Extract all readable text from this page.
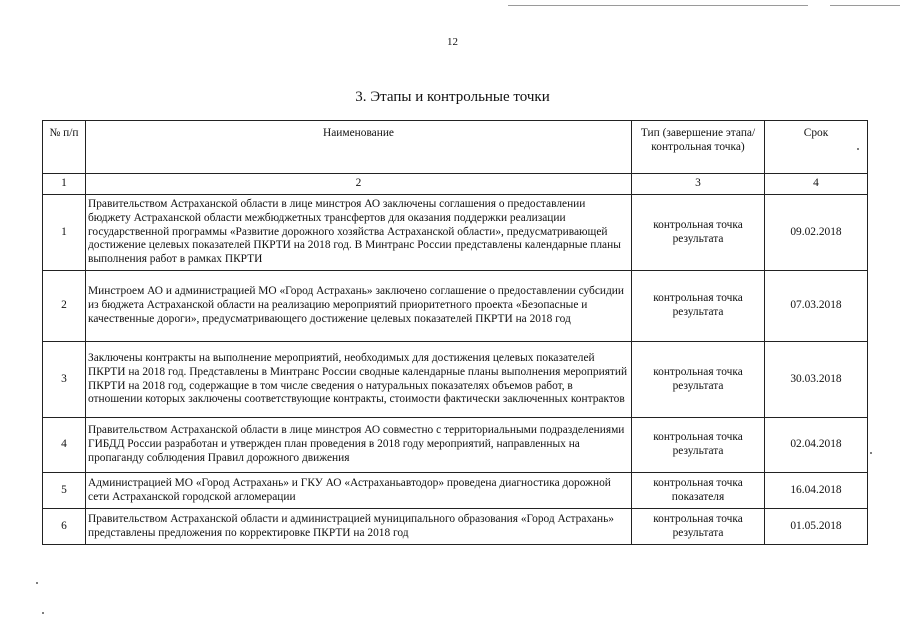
12
3. Этапы и контрольные точки
№ п/п	Наименование	Тип (завершение этапа/ контрольная точка)	Срок
1	2	3	4
1	Правительством Астраханской области в лице минстроя АО заключены соглашения о предоставлении бюджету Астраханской области межбюджетных трансфертов для оказания поддержки реализации государственной программы «Развитие дорожного хозяйства Астраханской области», предусматривающей достижение целевых показателей ПКРТИ на 2018 год. В Минтранс России представлены календарные планы выполнения работ в рамках ПКРТИ	контрольная точка результата	09.02.2018
2	Минстроем АО и администрацией МО «Город Астрахань» заключено соглашение о предоставлении субсидии из бюджета Астраханской области на реализацию мероприятий приоритетного проекта «Безопасные и качественные дороги», предусматривающего достижение целевых показателей ПКРТИ на 2018 год	контрольная точка результата	07.03.2018
3	Заключены контракты на выполнение мероприятий, необходимых для достижения целевых показателей ПКРТИ на 2018 год. Представлены в Минтранс России сводные календарные планы выполнения мероприятий ПКРТИ на 2018 год, содержащие в том числе сведения о натуральных показателях объемов работ, в отношении которых заключены соответствующие контракты, стоимости фактически заключенных контрактов	контрольная точка результата	30.03.2018
4	Правительством Астраханской области в лице минстроя АО совместно с территориальными подразделениями ГИБДД России разработан и утвержден план проведения в 2018 году мероприятий, направленных на пропаганду соблюдения Правил дорожного движения	контрольная точка результата	02.04.2018
5	Администрацией МО «Город Астрахань» и ГКУ АО «Астраханьавтодор» проведена диагностика дорожной сети Астраханской городской агломерации	контрольная точка показателя	16.04.2018
6	Правительством Астраханской области и администрацией муниципального образования «Город Астрахань» представлены предложения по корректировке ПКРТИ на 2018 год	контрольная точка результата	01.05.2018
